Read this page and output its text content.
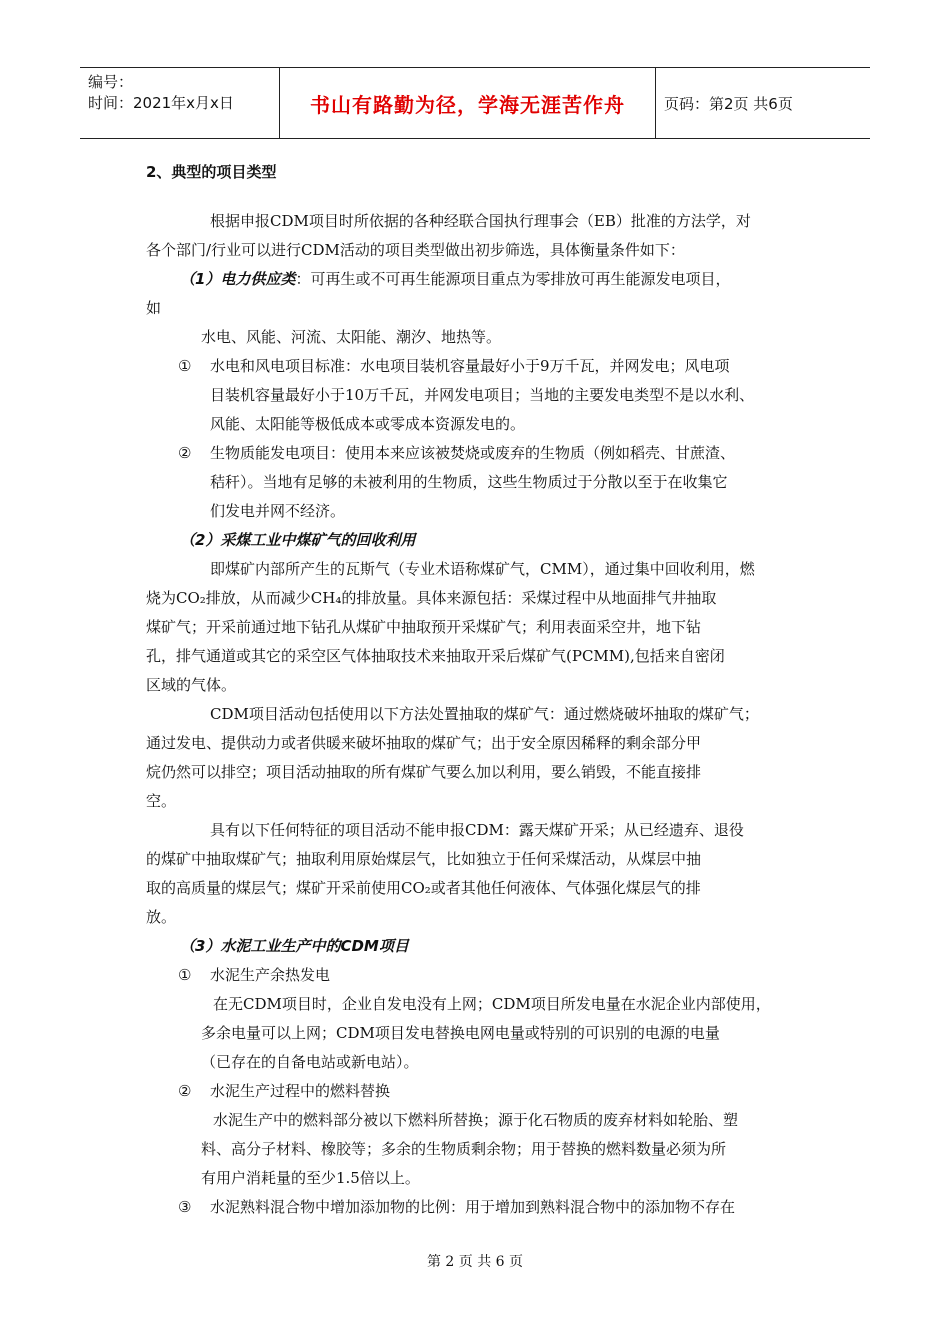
编号：
时间：2021年x月x日	书山有路勤为径，学海无涯苦作舟	页码：第2页 共6页
2、典型的项目类型
根据申报CDM项目时所依据的各种经联合国执行理事会（EB）批准的方法学，对
各个部门/行业可以进行CDM活动的项目类型做出初步筛选，具体衡量条件如下：
（1）电力供应类：可再生或不可再生能源项目重点为零排放可再生能源发电项目，
如
水电、风能、河流、太阳能、潮汐、地热等。
①	水电和风电项目标准：水电项目装机容量最好小于9万千瓦，并网发电；风电项
目装机容量最好小于10万千瓦，并网发电项目；当地的主要发电类型不是以水利、
风能、太阳能等极低成本或零成本资源发电的。
②	生物质能发电项目：使用本来应该被焚烧或废弃的生物质（例如稻壳、甘蔗渣、
秸秆）。当地有足够的未被利用的生物质，这些生物质过于分散以至于在收集它
们发电并网不经济。
（2）采煤工业中煤矿气的回收利用
即煤矿内部所产生的瓦斯气（专业术语称煤矿气，CMM），通过集中回收利用，燃
烧为CO₂排放，从而减少CH₄的排放量。具体来源包括：采煤过程中从地面排气井抽取
煤矿气；开采前通过地下钻孔从煤矿中抽取预开采煤矿气；利用表面采空井，地下钻
孔，排气通道或其它的采空区气体抽取技术来抽取开采后煤矿气(PCMM),包括来自密闭
区域的气体。
CDM项目活动包括使用以下方法处置抽取的煤矿气：通过燃烧破坏抽取的煤矿气；
通过发电、提供动力或者供暖来破坏抽取的煤矿气；出于安全原因稀释的剩余部分甲
烷仍然可以排空；项目活动抽取的所有煤矿气要么加以利用，要么销毁，不能直接排
空。
具有以下任何特征的项目活动不能申报CDM：露天煤矿开采；从已经遗弃、退役
的煤矿中抽取煤矿气；抽取利用原始煤层气，比如独立于任何采煤活动，从煤层中抽
取的高质量的煤层气；煤矿开采前使用CO₂或者其他任何液体、气体强化煤层气的排
放。
（3）水泥工业生产中的CDM项目
①	水泥生产余热发电
在无CDM项目时，企业自发电没有上网；CDM项目所发电量在水泥企业内部使用，
多余电量可以上网；CDM项目发电替换电网电量或特别的可识别的电源的电量
（已存在的自备电站或新电站）。
②	水泥生产过程中的燃料替换
水泥生产中的燃料部分被以下燃料所替换；源于化石物质的废弃材料如轮胎、塑
料、高分子材料、橡胶等；多余的生物质剩余物；用于替换的燃料数量必须为所
有用户消耗量的至少1.5倍以上。
③	水泥熟料混合物中增加添加物的比例：用于增加到熟料混合物中的添加物不存在
第 2 页 共 6 页
